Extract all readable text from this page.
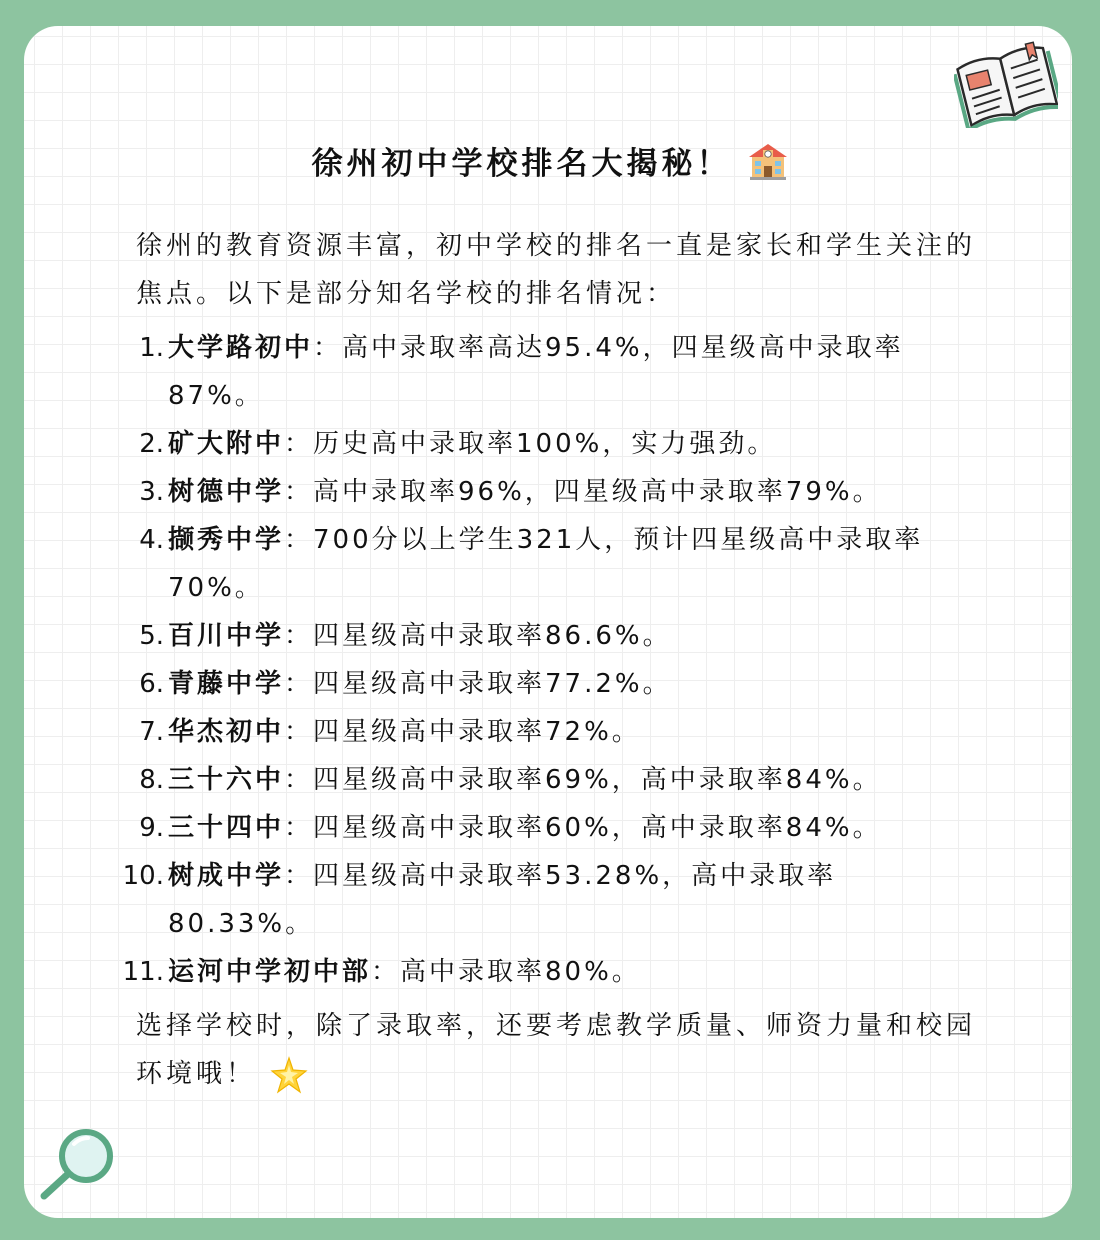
徐州初中学校排名大揭秘！

徐州的教育资源丰富，初中学校的排名一直是家长和学生关注的焦点。以下是部分知名学校的排名情况：

1. 大学路初中：高中录取率高达95.4%，四星级高中录取率87%。
2. 矿大附中：历史高中录取率100%，实力强劲。
3. 树德中学：高中录取率96%，四星级高中录取率79%。
4. 撷秀中学：700分以上学生321人，预计四星级高中录取率70%。
5. 百川中学：四星级高中录取率86.6%。
6. 青藤中学：四星级高中录取率77.2%。
7. 华杰初中：四星级高中录取率72%。
8. 三十六中：四星级高中录取率69%，高中录取率84%。
9. 三十四中：四星级高中录取率60%，高中录取率84%。
10. 树成中学：四星级高中录取率53.28%，高中录取率80.33%。
11. 运河中学初中部：高中录取率80%。

选择学校时，除了录取率，还要考虑教学质量、师资力量和校园环境哦！
